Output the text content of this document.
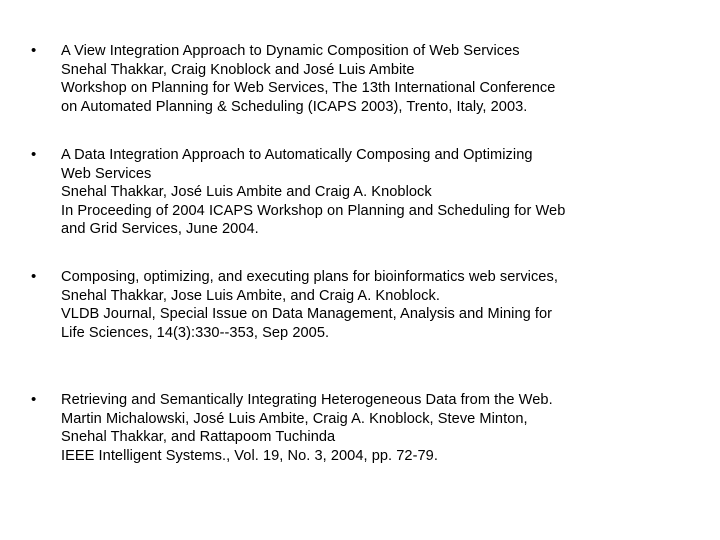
• A View Integration Approach to Dynamic Composition of Web Services
Snehal Thakkar, Craig Knoblock and José Luis Ambite
Workshop on Planning for Web Services, The 13th International Conference
on Automated Planning & Scheduling (ICAPS 2003), Trento, Italy, 2003.
• A Data Integration Approach to Automatically Composing and Optimizing
Web Services
Snehal Thakkar, José Luis Ambite and Craig A. Knoblock
In Proceeding of 2004 ICAPS Workshop on Planning and Scheduling for Web
and Grid Services, June 2004.
• Composing, optimizing, and executing plans for bioinformatics web services,
Snehal Thakkar, Jose Luis Ambite, and Craig A. Knoblock.
VLDB Journal, Special Issue on Data Management, Analysis and Mining for
Life Sciences, 14(3):330--353, Sep 2005.
• Retrieving and Semantically Integrating Heterogeneous Data from the Web.
Martin Michalowski, José Luis Ambite, Craig A. Knoblock, Steve Minton,
Snehal Thakkar, and Rattapoom Tuchinda
IEEE Intelligent Systems., Vol. 19, No. 3, 2004, pp. 72-79.
